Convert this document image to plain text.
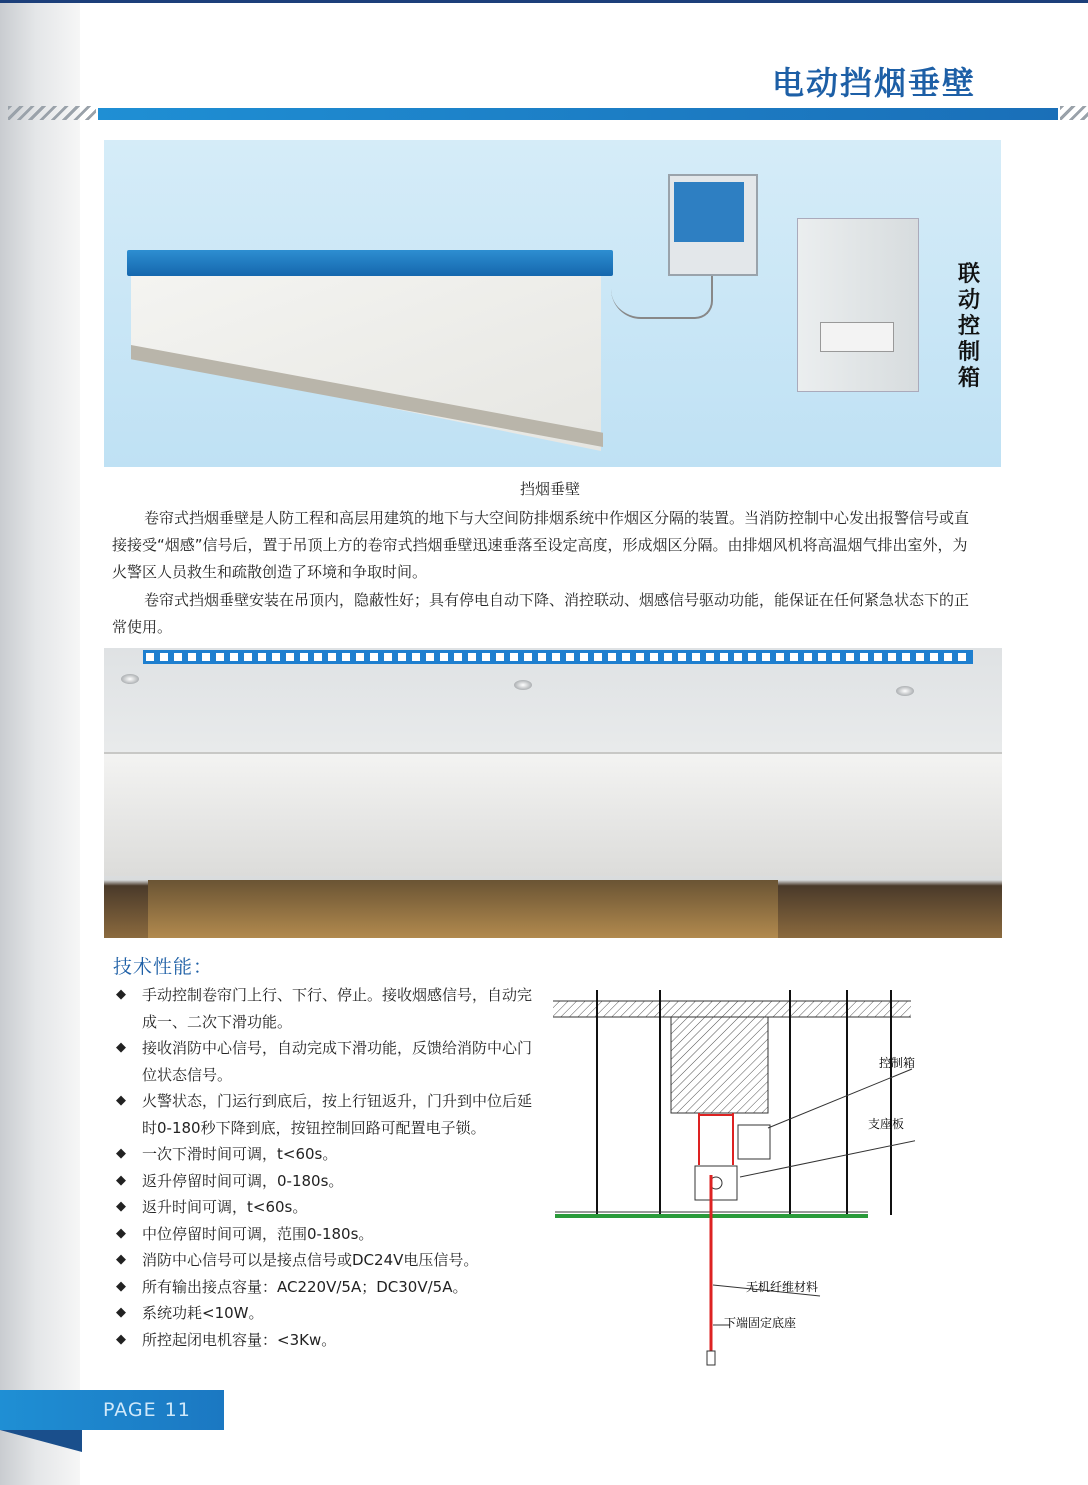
电动挡烟垂壁
联动控制箱
挡烟垂壁
卷帘式挡烟垂壁是人防工程和高层用建筑的地下与大空间防排烟系统中作烟区分隔的装置。当消防控制中心发出报警信号或直接接受“烟感”信号后，置于吊顶上方的卷帘式挡烟垂壁迅速垂落至设定高度，形成烟区分隔。由排烟风机将高温烟气排出室外，为火警区人员救生和疏散创造了环境和争取时间。
卷帘式挡烟垂壁安装在吊顶内，隐蔽性好；具有停电自动下降、消控联动、烟感信号驱动功能，能保证在任何紧急状态下的正常使用。
技术性能：
◆ 手动控制卷帘门上行、下行、停止。接收烟感信号，自动完成一、二次下滑功能。
◆ 接收消防中心信号，自动完成下滑功能，反馈给消防中心门位状态信号。
◆ 火警状态，门运行到底后，按上行钮返升，门升到中位后延时0-180秒下降到底，按钮控制回路可配置电子锁。
◆ 一次下滑时间可调，t<60s。
◆ 返升停留时间可调，0-180s。
◆ 返升时间可调，t<60s。
◆ 中位停留时间可调，范围0-180s。
◆ 消防中心信号可以是接点信号或DC24V电压信号。
◆ 所有输出接点容量：AC220V/5A；DC30V/5A。
◆ 系统功耗<10W。
◆ 所控起闭电机容量：<3Kw。
控制箱
支座板
无机纤维材料
下端固定底座
PAGE 11
